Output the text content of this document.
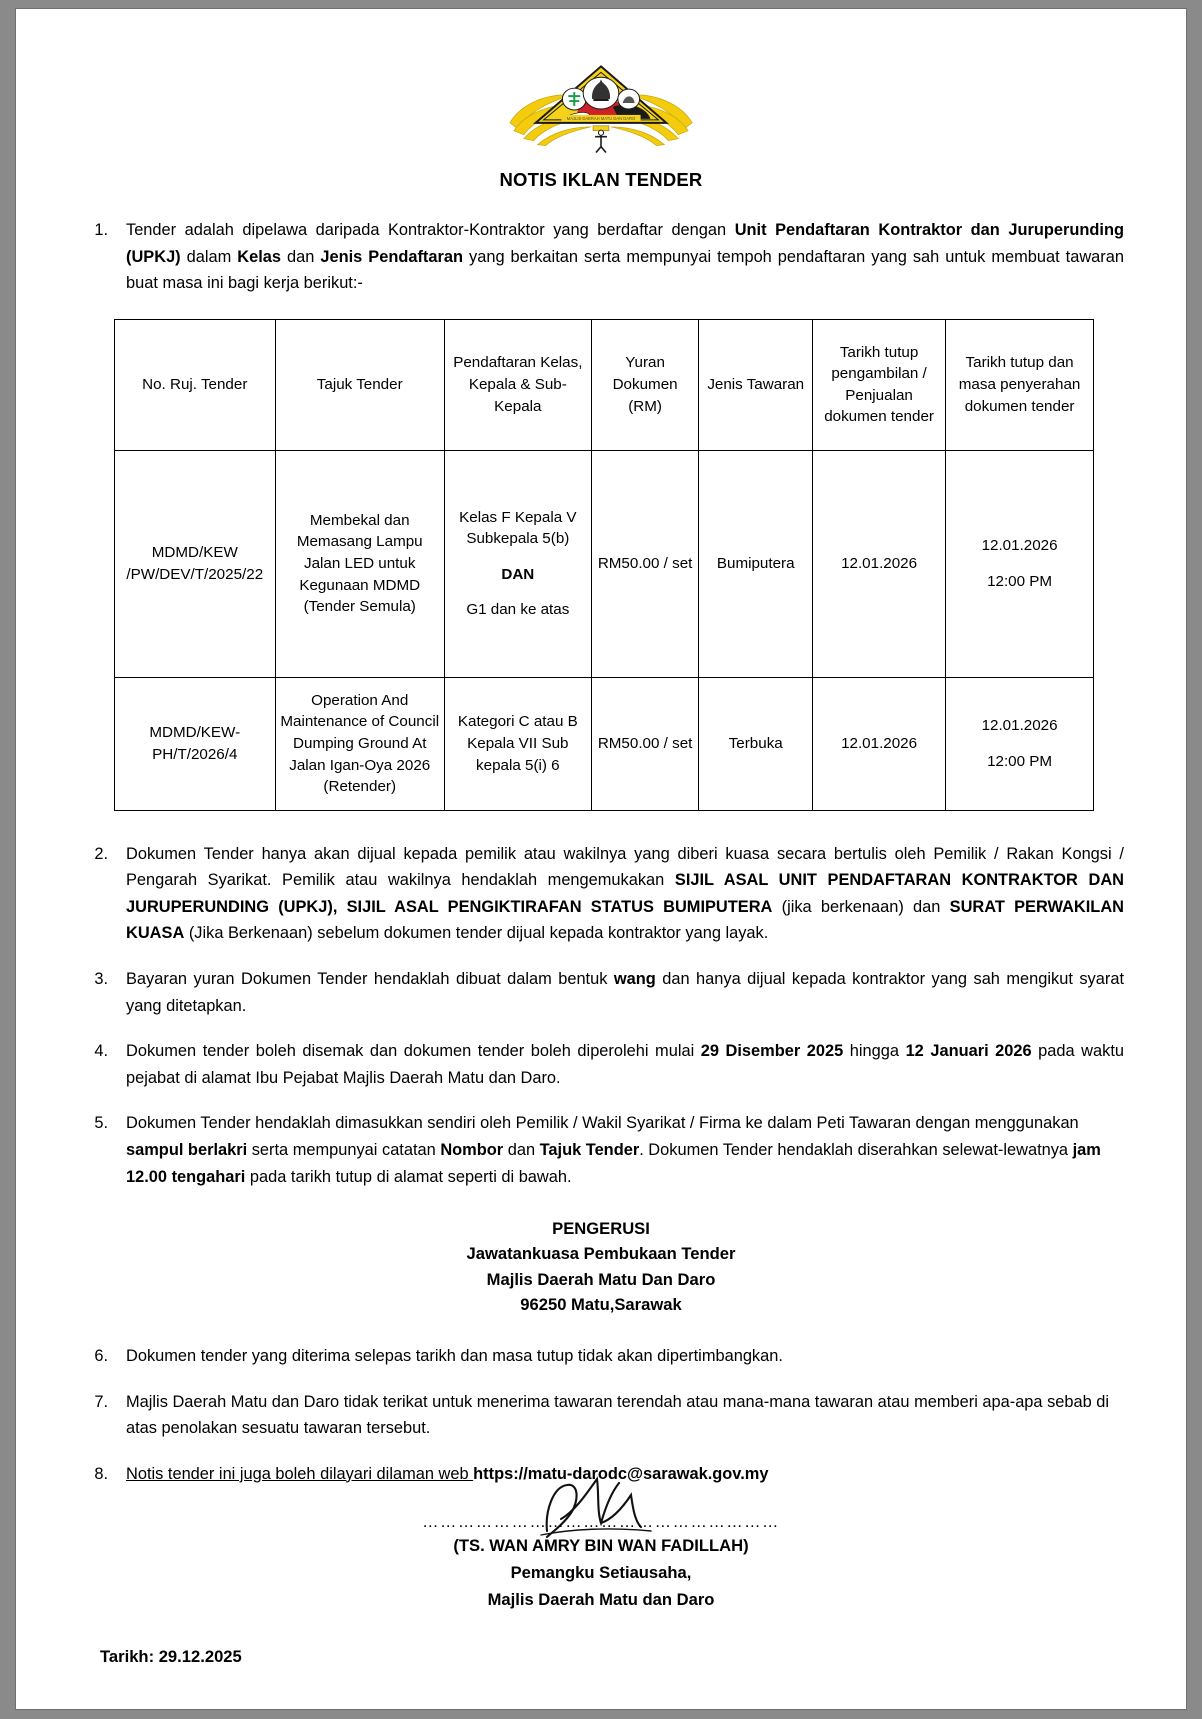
MAJLIS DAERAH MATU DAN DARO
NOTIS IKLAN TENDER
1.	Tender adalah dipelawa daripada Kontraktor-Kontraktor yang berdaftar dengan Unit Pendaftaran Kontraktor dan Juruperunding (UPKJ) dalam Kelas dan Jenis Pendaftaran yang berkaitan serta mempunyai tempoh pendaftaran yang sah untuk membuat tawaran buat masa ini bagi kerja berikut:-
No. Ruj. Tender	Tajuk Tender	Pendaftaran Kelas, Kepala & Sub-Kepala	Yuran Dokumen (RM)	Jenis Tawaran	Tarikh tutup pengambilan / Penjualan dokumen tender	Tarikh tutup dan masa penyerahan dokumen tender
MDMD/KEW /PW/DEV/T/2025/22	Membekal dan Memasang Lampu Jalan LED untuk Kegunaan MDMD (Tender Semula)	Kelas F Kepala V Subkepala 5(b)
DAN
G1 dan ke atas	RM50.00 / set	Bumiputera	12.01.2026	12.01.2026
12:00 PM
MDMD/KEW-PH/T/2026/4	Operation And Maintenance of Council Dumping Ground At Jalan Igan-Oya 2026 (Retender)	Kategori C atau B Kepala VII Sub kepala 5(i) 6	RM50.00 / set	Terbuka	12.01.2026	12.01.2026
12:00 PM
2.	Dokumen Tender hanya akan dijual kepada pemilik atau wakilnya yang diberi kuasa secara bertulis oleh Pemilik / Rakan Kongsi / Pengarah Syarikat. Pemilik atau wakilnya hendaklah mengemukakan SIJIL ASAL UNIT PENDAFTARAN KONTRAKTOR DAN JURUPERUNDING (UPKJ), SIJIL ASAL PENGIKTIRAFAN STATUS BUMIPUTERA (jika berkenaan) dan SURAT PERWAKILAN KUASA (Jika Berkenaan) sebelum dokumen tender dijual kepada kontraktor yang layak.
3.	Bayaran yuran Dokumen Tender hendaklah dibuat dalam bentuk wang dan hanya dijual kepada kontraktor yang sah mengikut syarat yang ditetapkan.
4.	Dokumen tender boleh disemak dan dokumen tender boleh diperolehi mulai 29 Disember 2025 hingga 12 Januari 2026 pada waktu pejabat di alamat Ibu Pejabat Majlis Daerah Matu dan Daro.
5.	Dokumen Tender hendaklah dimasukkan sendiri oleh Pemilik / Wakil Syarikat / Firma ke dalam Peti Tawaran dengan menggunakan sampul berlakri serta mempunyai catatan Nombor dan Tajuk Tender. Dokumen Tender hendaklah diserahkan selewat-lewatnya jam 12.00 tengahari pada tarikh tutup di alamat seperti di bawah.
PENGERUSI
Jawatankuasa Pembukaan Tender
Majlis Daerah Matu Dan Daro
96250 Matu,Sarawak
6.	Dokumen tender yang diterima selepas tarikh dan masa tutup tidak akan dipertimbangkan.
7.	Majlis Daerah Matu dan Daro tidak terikat untuk menerima tawaran terendah atau mana-mana tawaran atau memberi apa-apa sebab di atas penolakan sesuatu tawaran tersebut.
8.	Notis tender ini juga boleh dilayari dilaman web https://matu-darodc@sarawak.gov.my
……………………………………………………
(TS. WAN AMRY BIN WAN FADILLAH)
Pemangku Setiausaha,
Majlis Daerah Matu dan Daro
Tarikh: 29.12.2025
